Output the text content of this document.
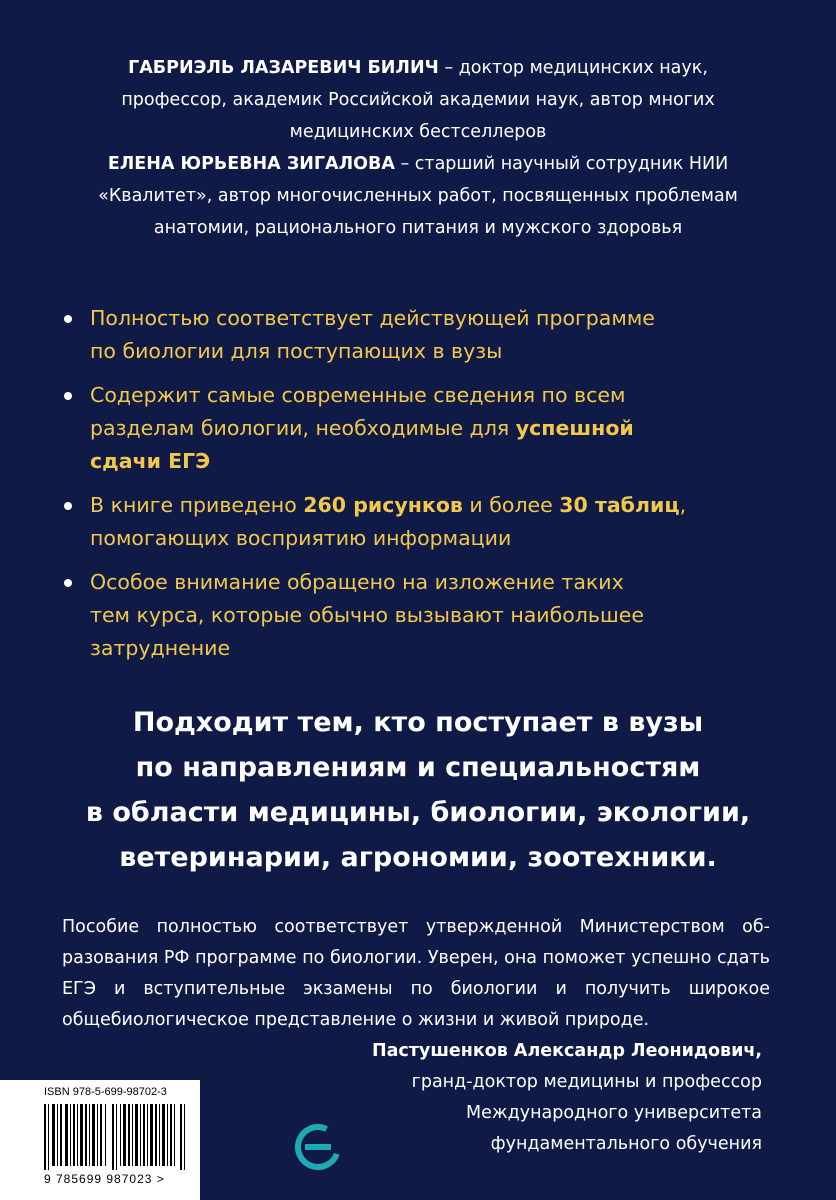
ГАБРИЭЛЬ ЛАЗАРЕВИЧ БИЛИЧ – доктор медицинских наук,
профессор, академик Российской академии наук, автор многих
медицинских бестселлеров
ЕЛЕНА ЮРЬЕВНА ЗИГАЛОВА – старший научный сотрудник НИИ
«Квалитет», автор многочисленных работ, посвященных проблемам
анатомии, рационального питания и мужского здоровья
Полностью соответствует действующей программе
по биологии для поступающих в вузы
Содержит самые современные сведения по всем
разделам биологии, необходимые для успешной
сдачи ЕГЭ
В книге приведено 260 рисунков и более 30 таблиц,
помогающих восприятию информации
Особое внимание обращено на изложение таких
тем курса, которые обычно вызывают наибольшее
затруднение
Подходит тем, кто поступает в вузы
по направлениям и специальностям
в области медицины, биологии, экологии,
ветеринарии, агрономии, зоотехники.
Пособие полностью соответствует утвержденной Министерством образования РФ программе по биологии. Уверен, она поможет успешно сдать ЕГЭ и вступительные экзамены по биологии и получить широкое общебиологическое представление о жизни и живой природе.
Пастушенков Александр Леонидович,
гранд-доктор медицины и профессор
Международного университета
фундаментального обучения
ISBN 978-5-699-98702-3
9 785699 987023 >
